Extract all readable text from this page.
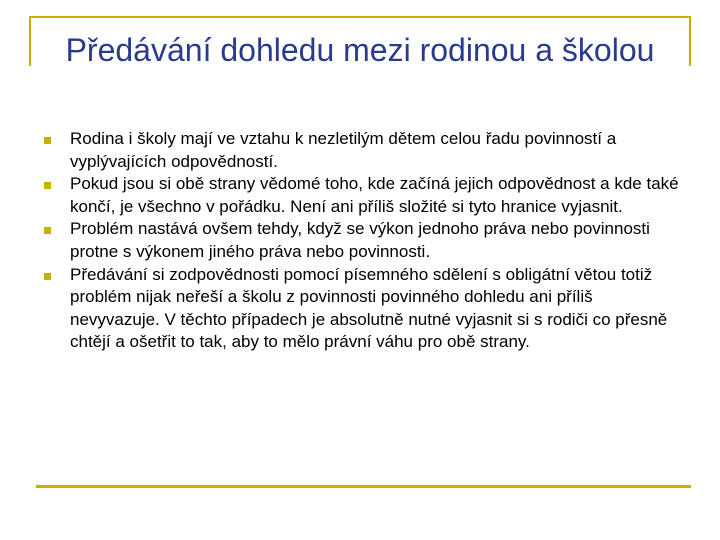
Předávání dohledu mezi rodinou a školou
Rodina i školy mají ve vztahu k nezletilým dětem celou řadu povinností a vyplývajících odpovědností.
Pokud jsou si obě strany vědomé toho, kde začíná jejich odpovědnost a kde také končí, je všechno v pořádku. Není ani příliš složité si tyto hranice vyjasnit.
Problém nastává ovšem tehdy, když se výkon jednoho práva nebo povinnosti protne s výkonem jiného práva nebo povinnosti.
Předávání si zodpovědnosti pomocí písemného sdělení s obligátní větou totiž problém nijak neřeší a školu z povinnosti povinného dohledu ani příliš nevyvazuje. V těchto případech je absolutně nutné vyjasnit si s rodiči co přesně chtějí a ošetřit to tak, aby to mělo právní váhu pro obě strany.
